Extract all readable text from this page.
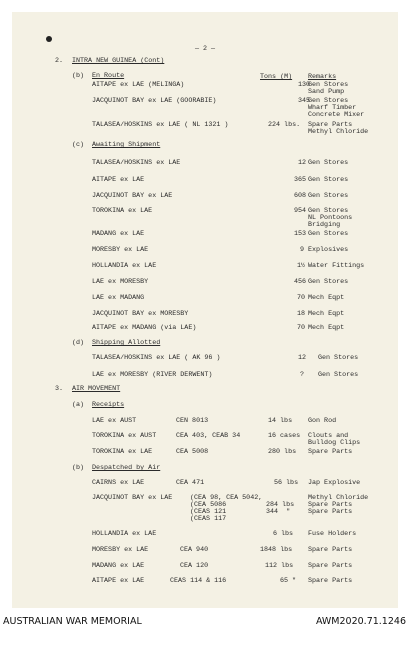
— 2 —
2. INTRA NEW GUINEA (Cont)
(b) En Route	Tons (M) Remarks
AITAPE ex LAE (MELINGA)	130
Gen Stores
Sand Pump
JACQUINOT BAY ex LAE (GOORABIE)	345
Gen Stores
Wharf Timber
Concrete Mixer
TALASEA/HOSKINS ex LAE ( NL 1321 )	224 lbs. Spare Parts
Methyl Chloride
(c) Awaiting Shipment
TALASEA/HOSKINS ex LAE	12 Gen Stores
AITAPE ex LAE	365 Gen Stores
JACQUINOT BAY ex LAE	608 Gen Stores
TOROKINA ex LAE	954 Gen Stores
NL Pontoons
Bridging
MADANG ex LAE	153 Gen Stores
MORESBY ex LAE	9 Explosives
HOLLANDIA ex LAE	1½ Water Fittings
LAE ex MORESBY	456 Gen Stores
LAE ex MADANG	70 Mech Eqpt
JACQUINOT BAY ex MORESBY	18 Mech Eqpt
AITAPE ex MADANG (via LAE)	70 Mech Eqpt
(d) Shipping Allotted
TALASEA/HOSKINS ex LAE ( AK 96 )	12 Gen Stores
LAE ex MORESBY (RIVER DERWENT)	? Gen Stores
3. AIR MOVEMENT
(a) Receipts
LAE ex AUST	CEN 8013	14 lbs Gon Rod
TOROKINA ex AUST	CEA 403, CEAB 34	16 cases Clouts and
Bulldog Clips
TOROKINA ex LAE	CEA 5008	280 lbs Spare Parts
(b) Despatched by Air
CAIRNS ex LAE	CEA 471	56 lbs Jap Explosive
JACQUINOT BAY ex LAE	(CEA 98, CEA 5042,
(CEA 5086
(CEAS 121
(CEAS 117

284 lbs
344  "
Methyl Chloride
Spare Parts
Spare Parts
HOLLANDIA ex LAE	6 lbs Fuse Holders
MORESBY ex LAE	CEA 940	1848 lbs Spare Parts
MADANG ex LAE	CEA 120	112 lbs Spare Parts
AITAPE ex LAE	CEAS 114 & 116	65 " Spare Parts
AUSTRALIAN WAR MEMORIAL	AWM2020.71.1246
